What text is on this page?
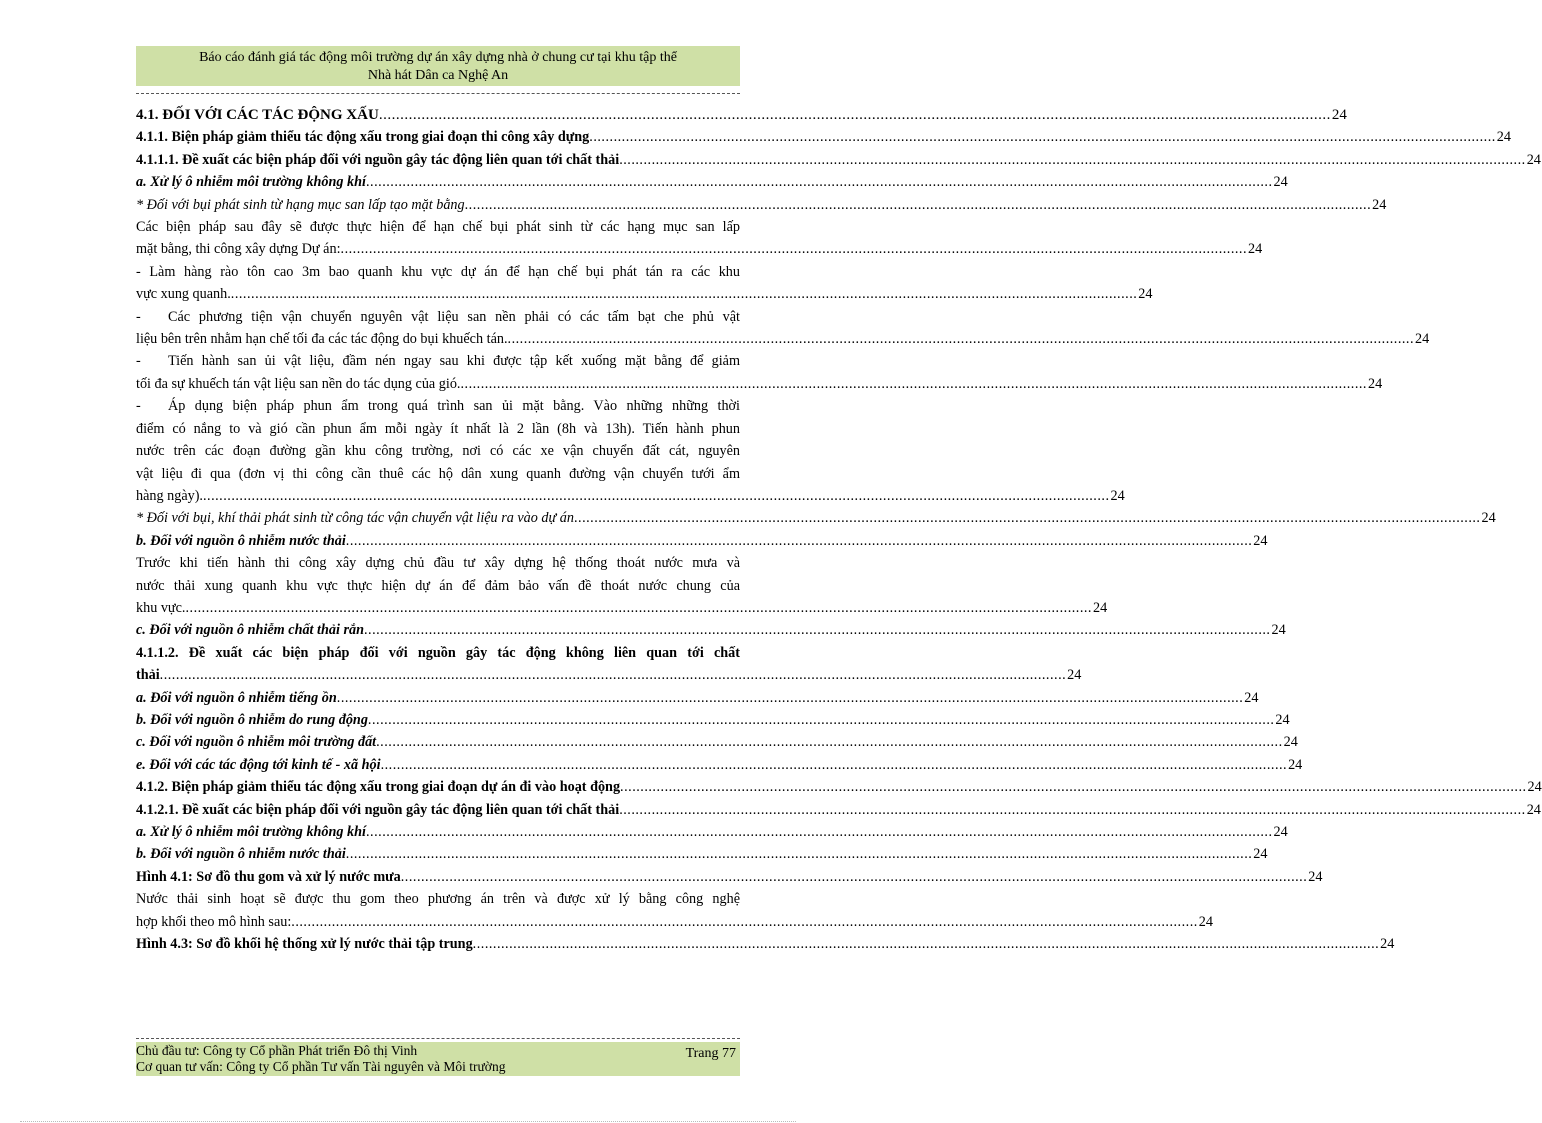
Báo cáo đánh giá tác động môi trường dự án xây dựng nhà ở chung cư tại khu tập thể
Nhà hát Dân ca Nghệ An
4.1. ĐỐI VỚI CÁC TÁC ĐỘNG XẤU .....	24
4.1.1. Biện pháp giảm thiểu tác động xấu trong giai đoạn thi công xây dựng .....	24
4.1.1.1. Đề xuất các biện pháp đối với nguồn gây tác động liên quan tới chất thải .....	24
a. Xử lý ô nhiễm môi trường không khí .....	24
* Đối với bụi phát sinh từ hạng mục san lấp tạo mặt bằng .....	24
Các biện pháp sau đây sẽ được thực hiện để hạn chế bụi phát sinh từ các hạng mục san lấp
mặt bằng, thi công xây dựng Dự án: .....	24
- Làm hàng rào tôn cao 3m bao quanh khu vực dự án để hạn chế bụi phát tán ra các khu
vực xung quanh. .....	24
-	Các phương tiện vận chuyển nguyên vật liệu san nền phải có các tấm bạt che phủ vật
liệu bên trên nhằm hạn chế tối đa các tác động do bụi khuếch tán. .....	24
-	Tiến hành san ủi vật liệu, đầm nén ngay sau khi được tập kết xuống mặt bằng để giảm
tối đa sự khuếch tán vật liệu san nền do tác dụng của gió. .....	24
-	Áp dụng biện pháp phun ẩm trong quá trình san ủi mặt bằng. Vào những những thời
điểm có nắng to và gió cần phun ẩm mỗi ngày ít nhất là 2 lần (8h và 13h). Tiến hành phun
nước trên các đoạn đường gần khu công trường, nơi có các xe vận chuyển đất cát, nguyên
vật liệu đi qua (đơn vị thi công cần thuê các hộ dân xung quanh đường vận chuyển tưới ẩm
hàng ngày). .....	24
* Đối với bụi, khí thải phát sinh từ công tác vận chuyển vật liệu ra vào dự án .....	24
b. Đối với nguồn ô nhiễm nước thải .....	24
Trước khi tiến hành thi công xây dựng chủ đầu tư xây dựng hệ thống thoát nước mưa và
nước thải xung quanh khu vực thực hiện dự án để đảm bảo vấn đề thoát nước chung của
khu vực. .....	24
c. Đối với nguồn ô nhiễm chất thải rắn .....	24
4.1.1.2. Đề xuất các biện pháp đối với nguồn gây tác động không liên quan tới chất
thải .....	24
a. Đối với nguồn ô nhiễm tiếng ồn .....	24
b. Đối với nguồn ô nhiễm do rung động .....	24
c. Đối với nguồn ô nhiễm môi trường đất .....	24
e. Đối với các tác động tới kinh tế - xã hội .....	24
4.1.2. Biện pháp giảm thiểu tác động xấu trong giai đoạn dự án đi vào hoạt động .....	24
4.1.2.1. Đề xuất các biện pháp đối với nguồn gây tác động liên quan tới chất thải .....	24
a. Xử lý ô nhiễm môi trường không khí .....	24
b. Đối với nguồn ô nhiễm nước thải .....	24
Hình 4.1: Sơ đồ thu gom và xử lý nước mưa .....	24
Nước thải sinh hoạt sẽ được thu gom theo phương án trên và được xử lý bằng công nghệ
hợp khối theo mô hình sau: .....	24
Hình 4.3: Sơ đồ khối hệ thống xử lý nước thải tập trung .....	24
Chủ đầu tư: Công ty Cổ phần Phát triển Đô thị Vinh
Cơ quan tư vấn: Công ty Cổ phần Tư vấn Tài nguyên và Môi trường
Trang 77
